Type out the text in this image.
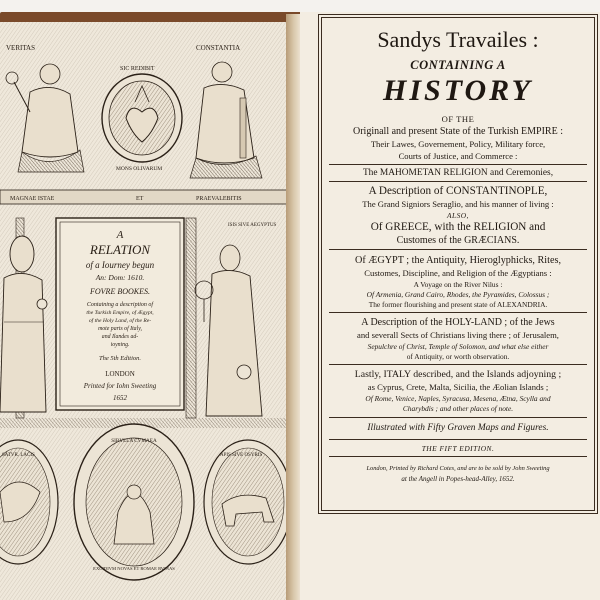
VERITAS	CONSTANTIA
SIC REDIBIT
MONS OLIVARUM
MAGNAE ISTAE	ET	PRAEVALEBITIS
A
RELATION
of a Iourney begun
An: Dom: 1610.
FOVRE BOOKES.
Containing a description of
the Turkish Empire, of Ægypt,
of the Holy Land, of the Re-
mote parts of Italy,
and Ilandes ad-
ioyning.
The 5th Edition.
LONDON
Printed for Iohn Sweeting
1652
ISIS SIVE AEGYPTUS
SATVR. LACIS
SIBYLLA CVMAEA
EXCIDIVM NOVAS ET ROMAE RVINAS
APIS SIVE OSYRIS
Sandys Travailes :
CONTAINING A
HISTORY
OF THE
Originall and present State of the Turkish EMPIRE :
Their Lawes, Governement, Policy, Military force,
Courts of Justice, and Commerce :
The MAHOMETAN RELIGION and Ceremonies,
A Description of CONSTANTINOPLE,
The Grand Signiors Seraglio, and his manner of living :
ALSO,
Of GREECE, with the RELIGION and
Customes of the GRÆCIANS.
Of ÆGYPT ; the Antiquity, Hieroglyphicks, Rites,
Customes, Discipline, and Religion of the Ægyptians :
A Voyage on the River Nilus :
Of Armenia, Grand Cairo, Rhodes, the Pyramides, Colossus ;
The former flourishing and present state of ALEXANDRIA.
A Description of the HOLY-LAND ; of the Jews
and severall Sects of Christians living there ; of Jerusalem,
Sepulchre of Christ, Temple of Solomon, and what else either
of Antiquity, or worth observation.
Lastly, ITALY described, and the Islands adjoyning ;
as Cyprus, Crete, Malta, Sicilia, the Æolian Islands ;
Of Rome, Venice, Naples, Syracusa, Mesena, Ætna, Scylla and
Charybdis ; and other places of note.
Illustrated with Fifty Graven Maps and Figures.
THE FIFT EDITION.
London, Printed by Richard Cotes, and are to be sold by John Sweeting
at the Angell in Popes-head-Alley, 1652.
